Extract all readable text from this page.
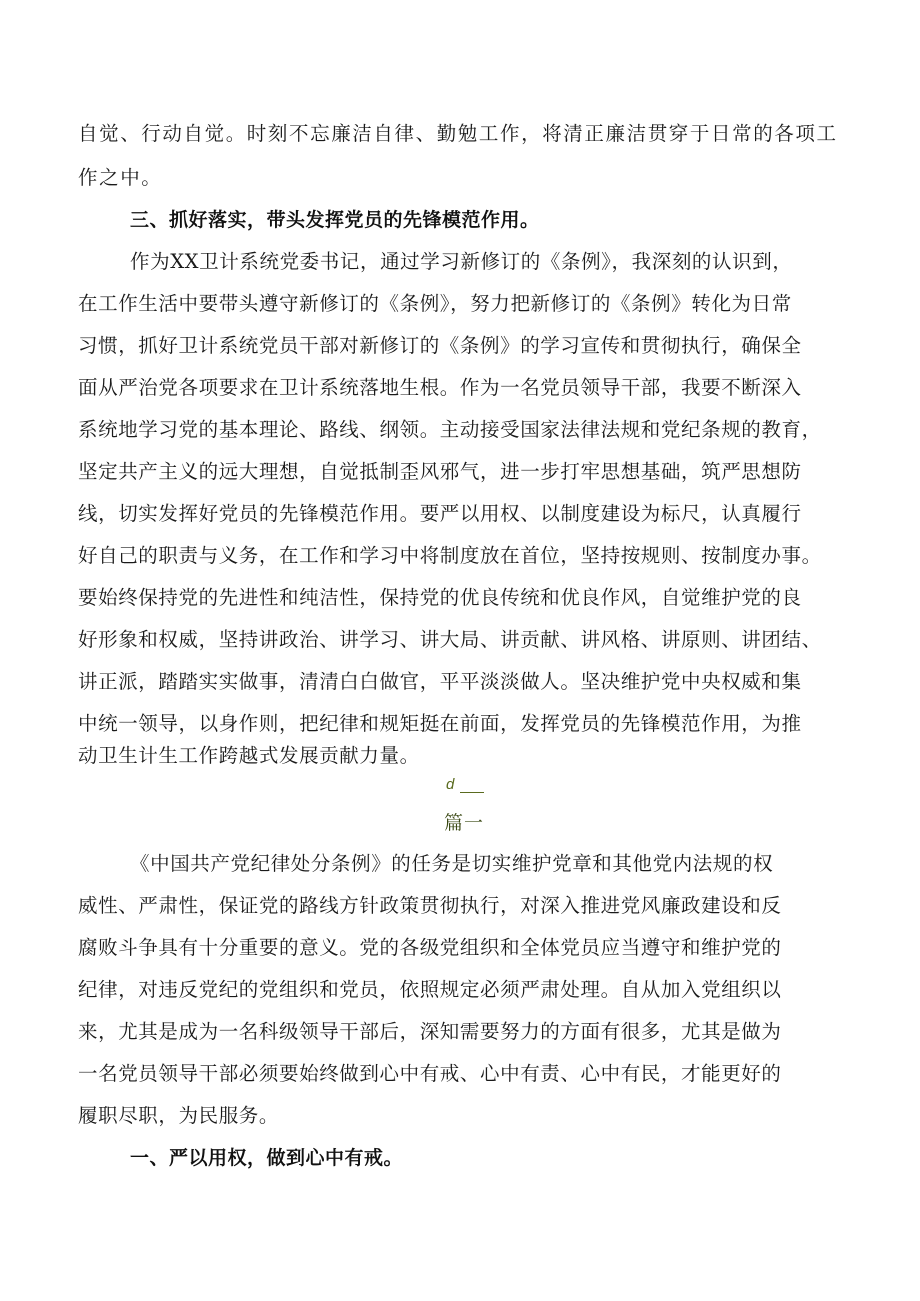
自觉、行动自觉。时刻不忘廉洁自律、勤勉工作，将清正廉洁贯穿于日常的各项工
作之中。
三、抓好落实，带头发挥党员的先锋模范作用。
作为XX卫计系统党委书记，通过学习新修订的《条例》，我深刻的认识到，
在工作生活中要带头遵守新修订的《条例》，努力把新修订的《条例》转化为日常
习惯，抓好卫计系统党员干部对新修订的《条例》的学习宣传和贯彻执行，确保全
面从严治党各项要求在卫计系统落地生根。作为一名党员领导干部，我要不断深入
系统地学习党的基本理论、路线、纲领。主动接受国家法律法规和党纪条规的教育，
坚定共产主义的远大理想，自觉抵制歪风邪气，进一步打牢思想基础，筑严思想防
线，切实发挥好党员的先锋模范作用。要严以用权、以制度建设为标尺，认真履行
好自己的职责与义务，在工作和学习中将制度放在首位，坚持按规则、按制度办事。
要始终保持党的先进性和纯洁性，保持党的优良传统和优良作风，自觉维护党的良
好形象和权威，坚持讲政治、讲学习、讲大局、讲贡献、讲风格、讲原则、讲团结、
讲正派，踏踏实实做事，清清白白做官，平平淡淡做人。坚决维护党中央权威和集
中统一领导，以身作则，把纪律和规矩挺在前面，发挥党员的先锋模范作用，为推
动卫生计生工作跨越式发展贡献力量。
d
篇一
《中国共产党纪律处分条例》的任务是切实维护党章和其他党内法规的权
威性、严肃性，保证党的路线方针政策贯彻执行，对深入推进党风廉政建设和反
腐败斗争具有十分重要的意义。党的各级党组织和全体党员应当遵守和维护党的
纪律，对违反党纪的党组织和党员，依照规定必须严肃处理。自从加入党组织以
来，尤其是成为一名科级领导干部后，深知需要努力的方面有很多，尤其是做为
一名党员领导干部必须要始终做到心中有戒、心中有责、心中有民，才能更好的
履职尽职，为民服务。
一、严以用权，做到心中有戒。
